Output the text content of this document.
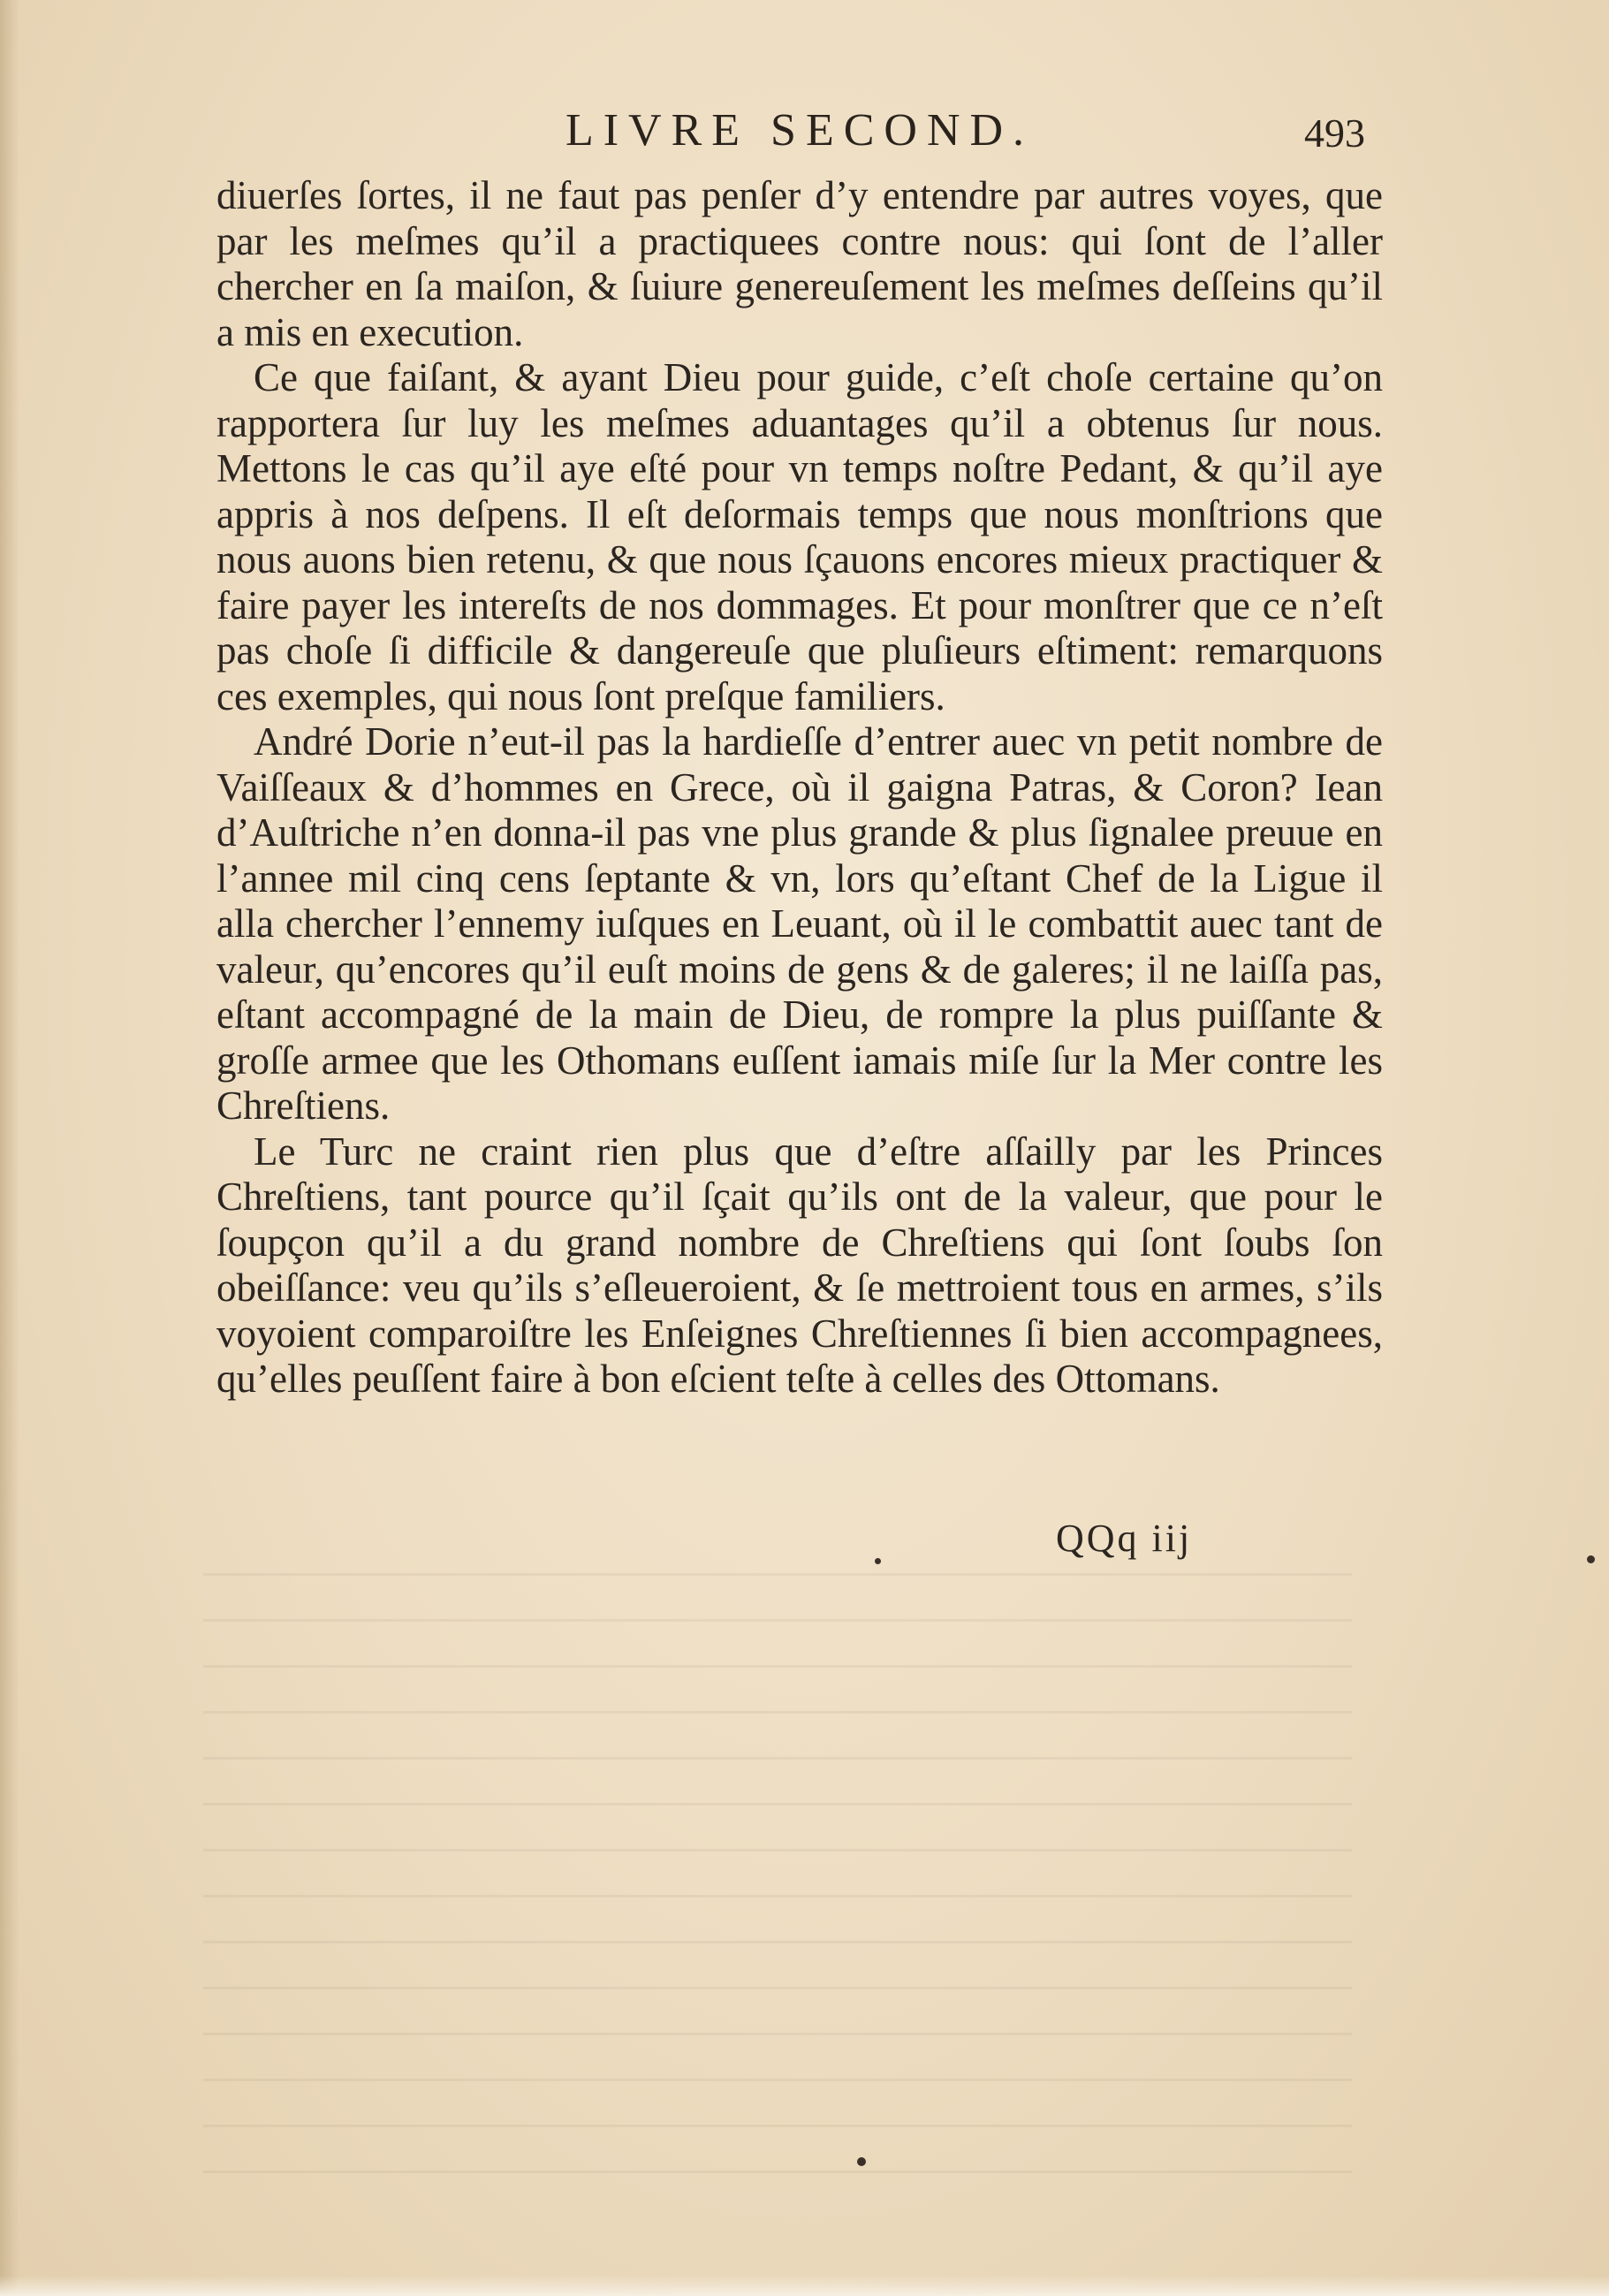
LIVRE SECOND.	493

diuerſes ſortes, il ne faut pas penſer d’y entendre par autres voyes, que par les meſmes qu’il a practiquees contre nous: qui ſont de l’aller chercher en ſa maiſon, & ſuiure genereuſement les meſmes deſſeins qu’il a mis en execution.

Ce que faiſant, & ayant Dieu pour guide, c’eſt choſe certaine qu’on rapportera ſur luy les meſmes aduantages qu’il a obtenus ſur nous. Mettons le cas qu’il aye eſté pour vn temps noſtre Pedant, & qu’il aye appris à nos deſpens. Il eſt deſormais temps que nous monſtrions que nous auons bien retenu, & que nous ſçauons encores mieux practiquer & faire payer les intereſts de nos dommages. Et pour monſtrer que ce n’eſt pas choſe ſi difficile & dangereuſe que pluſieurs eſtiment: remarquons ces exemples, qui nous ſont preſque familiers.

André Dorie n’eut-il pas la hardieſſe d’entrer auec vn petit nombre de Vaiſſeaux & d’hommes en Grece, où il gaigna Patras, & Coron? Iean d’Auſtriche n’en donna-il pas vne plus grande & plus ſignalee preuue en l’annee mil cinq cens ſeptante & vn, lors qu’eſtant Chef de la Ligue il alla chercher l’ennemy iuſques en Leuant, où il le combattit auec tant de valeur, qu’encores qu’il euſt moins de gens & de galeres; il ne laiſſa pas, eſtant accompagné de la main de Dieu, de rompre la plus puiſſante & groſſe armee que les Othomans euſſent iamais miſe ſur la Mer contre les Chreſtiens.

Le Turc ne craint rien plus que d’eſtre aſſailly par les Princes Chreſtiens, tant pource qu’il ſçait qu’ils ont de la valeur, que pour le ſoupçon qu’il a du grand nombre de Chreſtiens qui ſont ſoubs ſon obeiſſance: veu qu’ils s’eſleueroient, & ſe mettroient tous en armes, s’ils voyoient comparoiſtre les Enſeignes Chreſtiennes ſi bien accompagnees, qu’elles peuſſent faire à bon eſcient teſte à celles des Ottomans.

QQq iij
